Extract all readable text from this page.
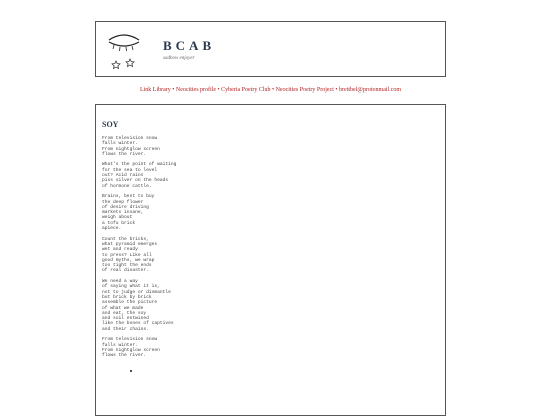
BCAB
sadbow enjoyer
Link Library • Neocities profile • Cyberia Poetry Club • Neocities Poetry Project • brettbel@protonmail.com
SOY
From television snow
falls winter.
From nightglow screen
flows the river.
What's the point of waiting
for the sea to level
out? Acid rains
piss silver on the heads
of hormone cattle.
Brains, bent to buy
the deep flower
of desire driving
markets insane,
weigh about
a tofu brick
apiece.
Count the bricks,
what pyramid emerges
wet and ready
to press? Like all
good myths, we wrap
too tight the ends
of real disaster.
We need a way
of saying what it is,
not to judge or dismantle
but brick by brick
assemble the picture
of what we made
and eat, the soy
and soil entwined
like the bones of captives
and their chains.
From television snow
falls winter.
From nightglow screen
flows the river.
